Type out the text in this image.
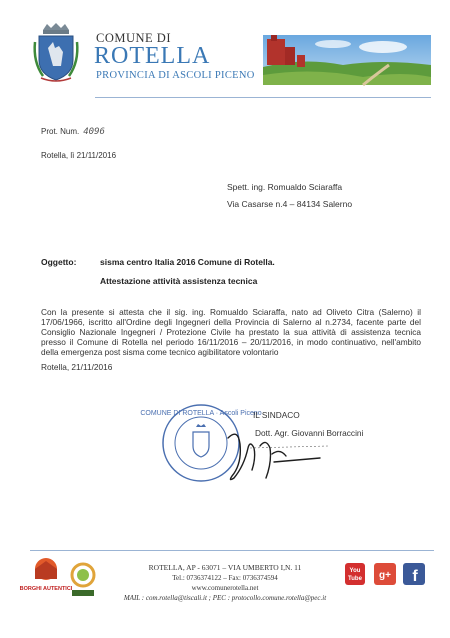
COMUNE DI
ROTELLA
PROVINCIA DI ASCOLI PICENO
Prot. Num. 4096
Rotella, lì 21/11/2016
Spett. ing. Romualdo Sciaraffa
Via Casarse n.4 – 84134 Salerno
Oggetto:	sisma centro Italia 2016 Comune di Rotella.
Attestazione attività assistenza tecnica
Con la presente si attesta che il sig. ing. Romualdo Sciaraffa, nato ad Oliveto Citra (Salerno) il 17/06/1966, iscritto all'Ordine degli Ingegneri della Provincia di Salerno al n.2734, facente parte del Consiglio Nazionale Ingegneri / Protezione Civile ha prestato la sua attività di assistenza tecnica presso il Comune di Rotella nel periodo 16/11/2016 – 20/11/2016, in modo continuativo, nell'ambito della emergenza post sisma come tecnico agibilitatore volontario
Rotella, 21/11/2016
COMUNE DI ROTELLA · Ascoli Piceno
IL SINDACO
Dott. Agr. Giovanni Borraccini
BORGHI AUTENTICI
ROTELLA, AP - 63071 – VIA UMBERTO I,N. 11
Tel.: 0736374122 – Fax: 0736374594
www.comunerotella.net
MAIL : com.rotella@tiscali.it ; PEC : protocollo.comune.rotella@pec.it
You
Tube g+ f
